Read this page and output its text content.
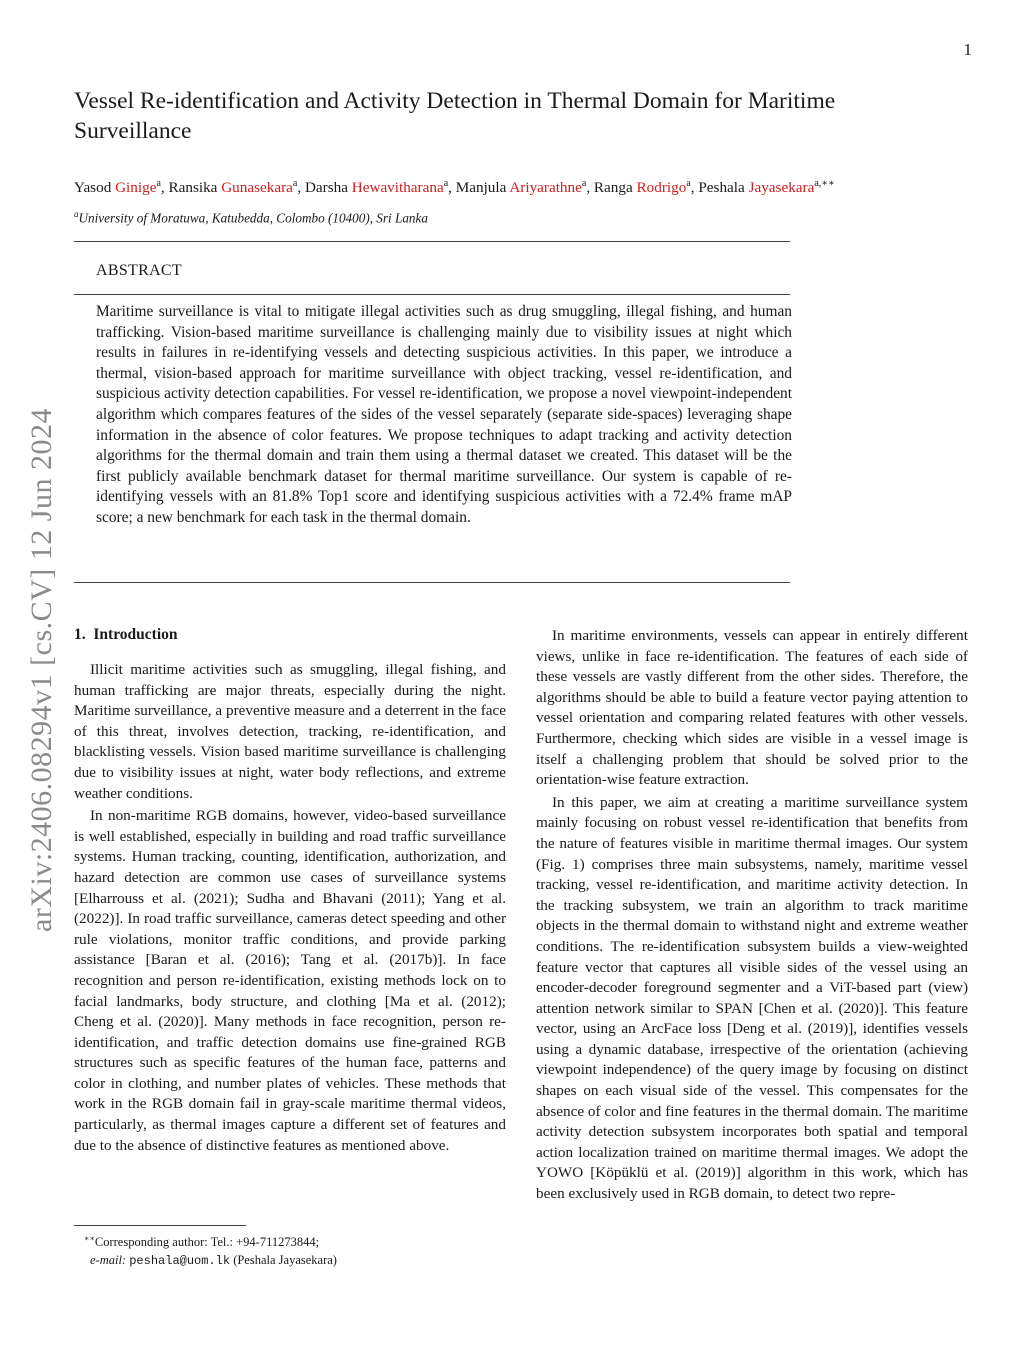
1
arXiv:2406.08294v1 [cs.CV] 12 Jun 2024
Vessel Re-identification and Activity Detection in Thermal Domain for Maritime Surveillance
Yasod Ginige$^a$, Ransika Gunasekara$^a$, Darsha Hewavitharana$^a$, Manjula Ariyarathne$^a$, Ranga Rodrigo$^a$, Peshala Jayasekara$^{a,∗∗}$
$^a$University of Moratuwa, Katubedda, Colombo (10400), Sri Lanka
ABSTRACT

Maritime surveillance is vital to mitigate illegal activities such as drug smuggling, illegal fishing, and human trafficking. Vision-based maritime surveillance is challenging mainly due to visibility issues at night which results in failures in re-identifying vessels and detecting suspicious activities. In this paper, we introduce a thermal, vision-based approach for maritime surveillance with object tracking, vessel re-identification, and suspicious activity detection capabilities. For vessel re-identification, we propose a novel viewpoint-independent algorithm which compares features of the sides of the vessel separately (separate side-spaces) leveraging shape information in the absence of color features. We propose techniques to adapt tracking and activity detection algorithms for the thermal domain and train them using a thermal dataset we created. This dataset will be the first publicly available benchmark dataset for thermal maritime surveillance. Our system is capable of re-identifying vessels with an 81.8% Top1 score and identifying suspicious activities with a 72.4% frame mAP score; a new benchmark for each task in the thermal domain.

1. Introduction

Illicit maritime activities such as smuggling, illegal fishing, and human trafficking are major threats, especially during the night. Maritime surveillance, a preventive measure and a deterrent in the face of this threat, involves detection, tracking, re-identification, and blacklisting vessels. Vision based maritime surveillance is challenging due to visibility issues at night, water body reflections, and extreme weather conditions.

In non-maritime RGB domains, however, video-based surveillance is well established, especially in building and road traffic surveillance systems. Human tracking, counting, identification, authorization, and hazard detection are common use cases of surveillance systems [Elharrouss et al. (2021); Sudha and Bhavani (2011); Yang et al. (2022)]. In road traffic surveillance, cameras detect speeding and other rule violations, monitor traffic conditions, and provide parking assistance [Baran et al. (2016); Tang et al. (2017b)]. In face recognition and person re-identification, existing methods lock on to facial landmarks, body structure, and clothing [Ma et al. (2012); Cheng et al. (2020)]. Many methods in face recognition, person re-identification, and traffic detection domains use fine-grained RGB structures such as specific features of the human face, patterns and color in clothing, and number plates of vehicles. These methods that work in the RGB domain fail in gray-scale maritime thermal videos, particularly, as thermal images capture a different set of features and due to the absence of distinctive features as mentioned above.

In maritime environments, vessels can appear in entirely different views, unlike in face re-identification. The features of each side of these vessels are vastly different from the other sides. Therefore, the algorithms should be able to build a feature vector paying attention to vessel orientation and comparing related features with other vessels. Furthermore, checking which sides are visible in a vessel image is itself a challenging problem that should be solved prior to the orientation-wise feature extraction.

In this paper, we aim at creating a maritime surveillance system mainly focusing on robust vessel re-identification that benefits from the nature of features visible in maritime thermal images. Our system (Fig. 1) comprises three main subsystems, namely, maritime vessel tracking, vessel re-identification, and maritime activity detection. In the tracking subsystem, we train an algorithm to track maritime objects in the thermal domain to withstand night and extreme weather conditions. The re-identification subsystem builds a view-weighted feature vector that captures all visible sides of the vessel using an encoder-decoder foreground segmenter and a ViT-based part (view) attention network similar to SPAN [Chen et al. (2020)]. This feature vector, using an ArcFace loss [Deng et al. (2019)], identifies vessels using a dynamic database, irrespective of the orientation (achieving viewpoint independence) of the query image by focusing on distinct shapes on each visual side of the vessel. This compensates for the absence of color and fine features in the thermal domain. The maritime activity detection subsystem incorporates both spatial and temporal action localization trained on maritime thermal images. We adopt the YOWO [Köpüklü et al. (2019)] algorithm in this work, which has been exclusively used in RGB domain, to detect two repre-

∗∗Corresponding author: Tel.: +94-711273844;
e-mail: peshala@uom.lk (Peshala Jayasekara)
